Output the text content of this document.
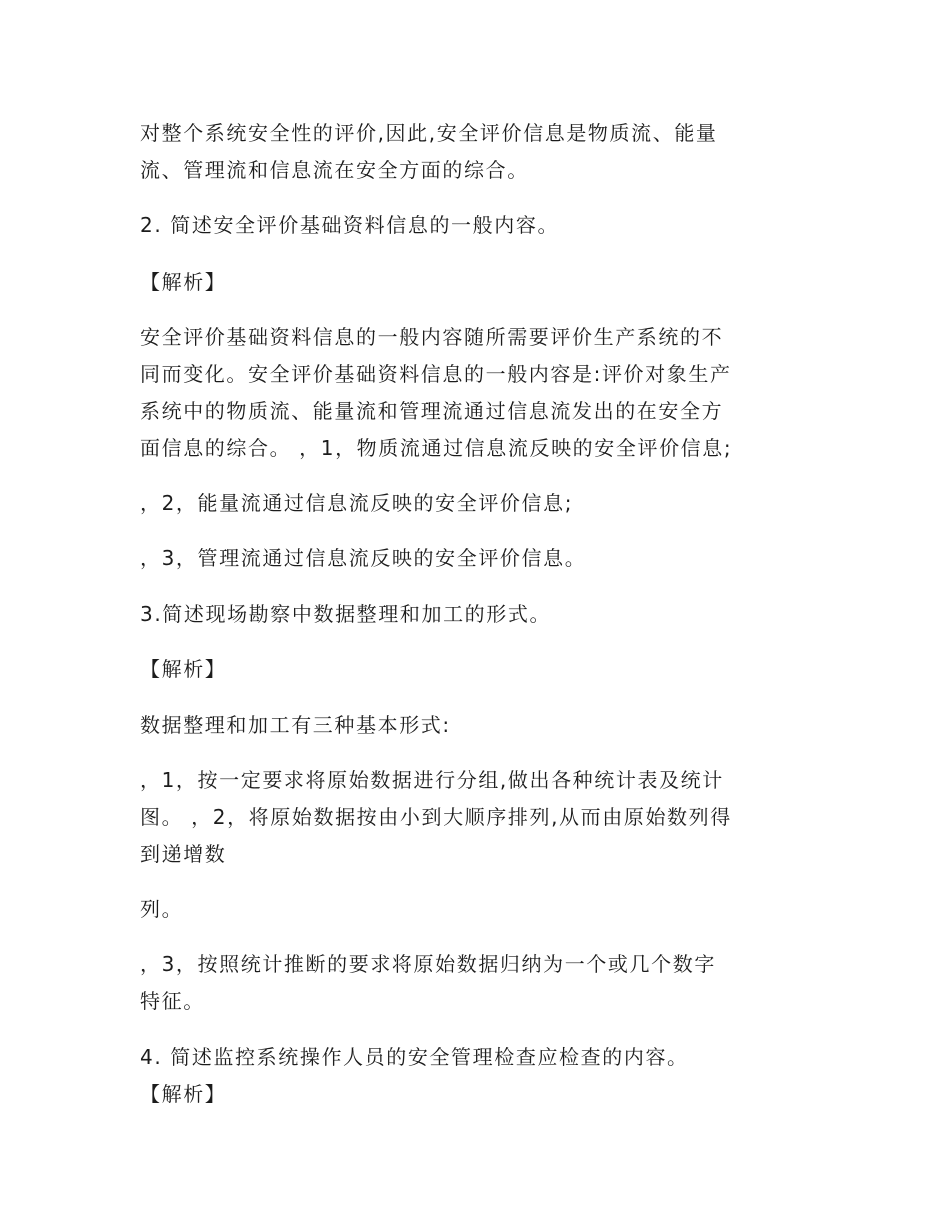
对整个系统安全性的评价,因此,安全评价信息是物质流、能量
流、管理流和信息流在安全方面的综合。
2. 简述安全评价基础资料信息的一般内容。
【解析】
安全评价基础资料信息的一般内容随所需要评价生产系统的不
同而变化。安全评价基础资料信息的一般内容是:评价对象生产
系统中的物质流、能量流和管理流通过信息流发出的在安全方
面信息的综合。 ，1，物质流通过信息流反映的安全评价信息;
，2，能量流通过信息流反映的安全评价信息;
，3，管理流通过信息流反映的安全评价信息。
3.简述现场勘察中数据整理和加工的形式。
【解析】
数据整理和加工有三种基本形式:
，1，按一定要求将原始数据进行分组,做出各种统计表及统计
图。 ，2，将原始数据按由小到大顺序排列,从而由原始数列得
到递增数
列。
，3，按照统计推断的要求将原始数据归纳为一个或几个数字
特征。
4. 简述监控系统操作人员的安全管理检查应检查的内容。
【解析】
